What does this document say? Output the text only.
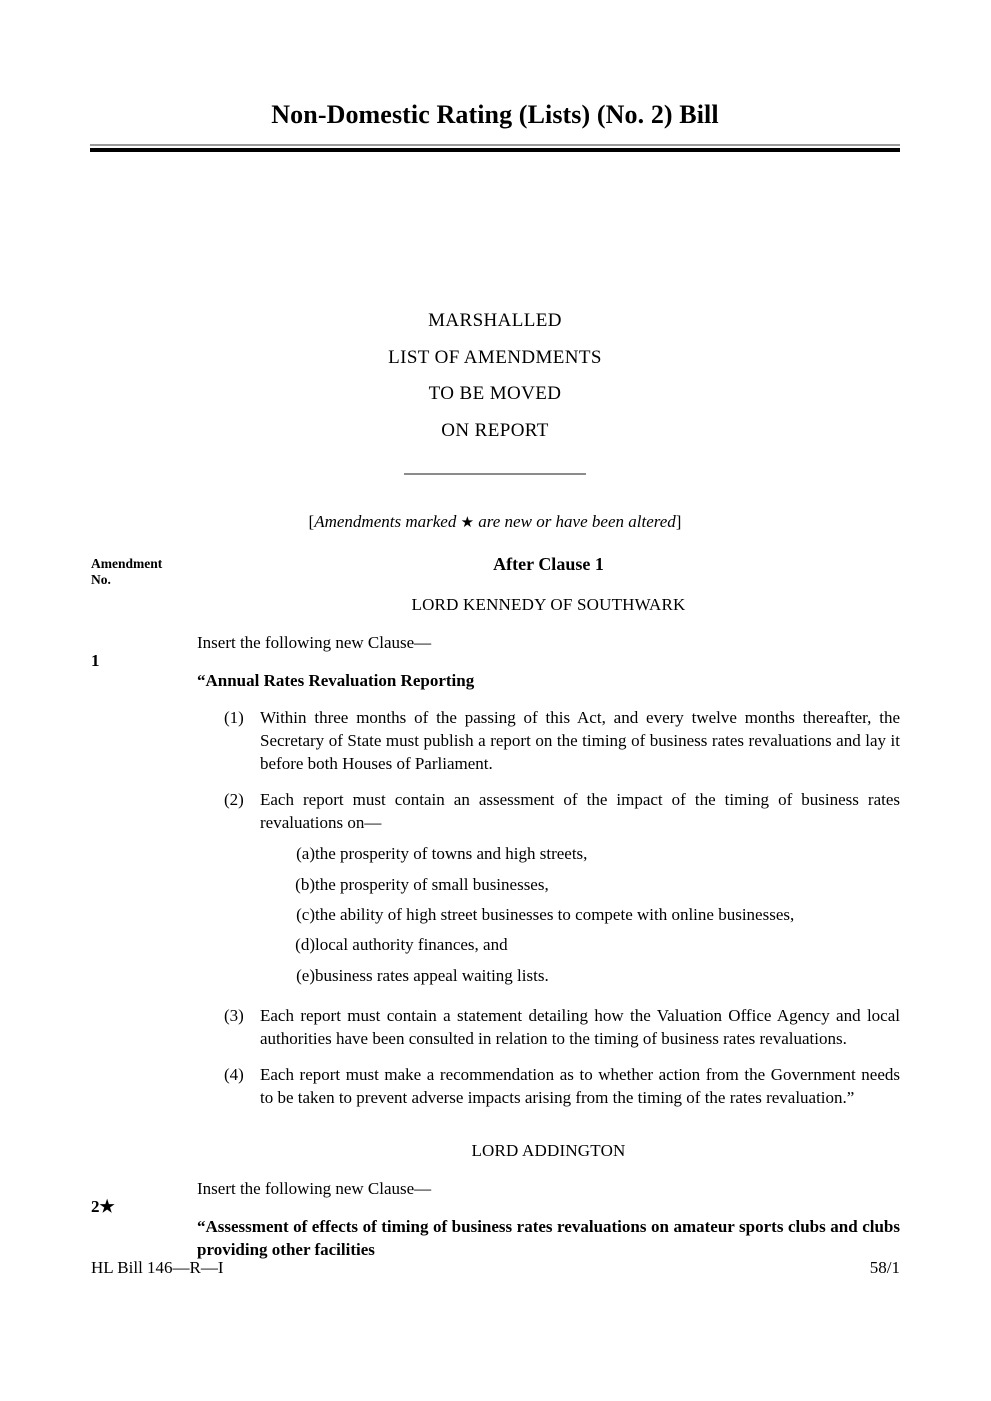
Non-Domestic Rating (Lists) (No. 2) Bill
MARSHALLED
LIST OF AMENDMENTS
TO BE MOVED
ON REPORT
[Amendments marked ★ are new or have been altered]
Amendment
No.
After Clause 1
LORD KENNEDY OF SOUTHWARK
1
Insert the following new Clause—
“Annual Rates Revaluation Reporting
(1) Within three months of the passing of this Act, and every twelve months thereafter, the Secretary of State must publish a report on the timing of business rates revaluations and lay it before both Houses of Parliament.
(2) Each report must contain an assessment of the impact of the timing of business rates revaluations on—
(a) the prosperity of towns and high streets,
(b) the prosperity of small businesses,
(c) the ability of high street businesses to compete with online businesses,
(d) local authority finances, and
(e) business rates appeal waiting lists.
(3) Each report must contain a statement detailing how the Valuation Office Agency and local authorities have been consulted in relation to the timing of business rates revaluations.
(4) Each report must make a recommendation as to whether action from the Government needs to be taken to prevent adverse impacts arising from the timing of the rates revaluation.”
LORD ADDINGTON
2★
Insert the following new Clause—
“Assessment of effects of timing of business rates revaluations on amateur sports clubs and clubs providing other facilities
HL Bill 146—R—I	58/1
